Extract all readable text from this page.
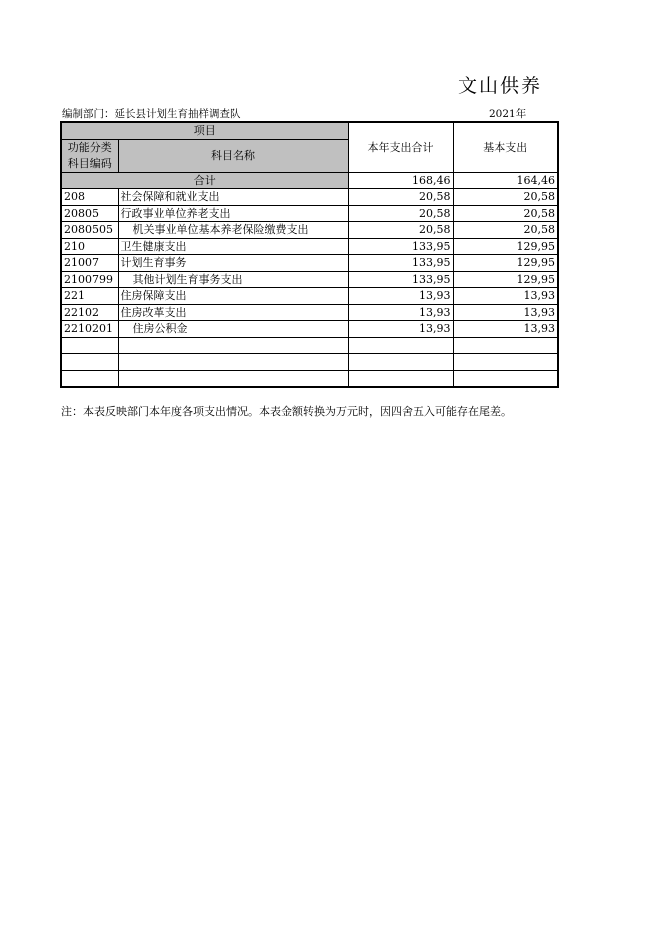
文山供养
编制部门：延长县计划生育抽样调查队	2021年
项目		本年支出合计	基本支出
功能分类科目编码	科目名称		
合计		168,46	164,46
208	社会保障和就业支出	20,58	20,58
20805	行政事业单位养老支出	20,58	20,58
2080505	机关事业单位基本养老保险缴费支出	20,58	20,58
210	卫生健康支出	133,95	129,95
21007	计划生育事务	133,95	129,95
2100799	其他计划生育事务支出	133,95	129,95
221	住房保障支出	13,93	13,93
22102	住房改革支出	13,93	13,93
2210201	住房公积金	13,93	13,93

注：本表反映部门本年度各项支出情况。本表金额转换为万元时，因四舍五入可能存在尾差。
